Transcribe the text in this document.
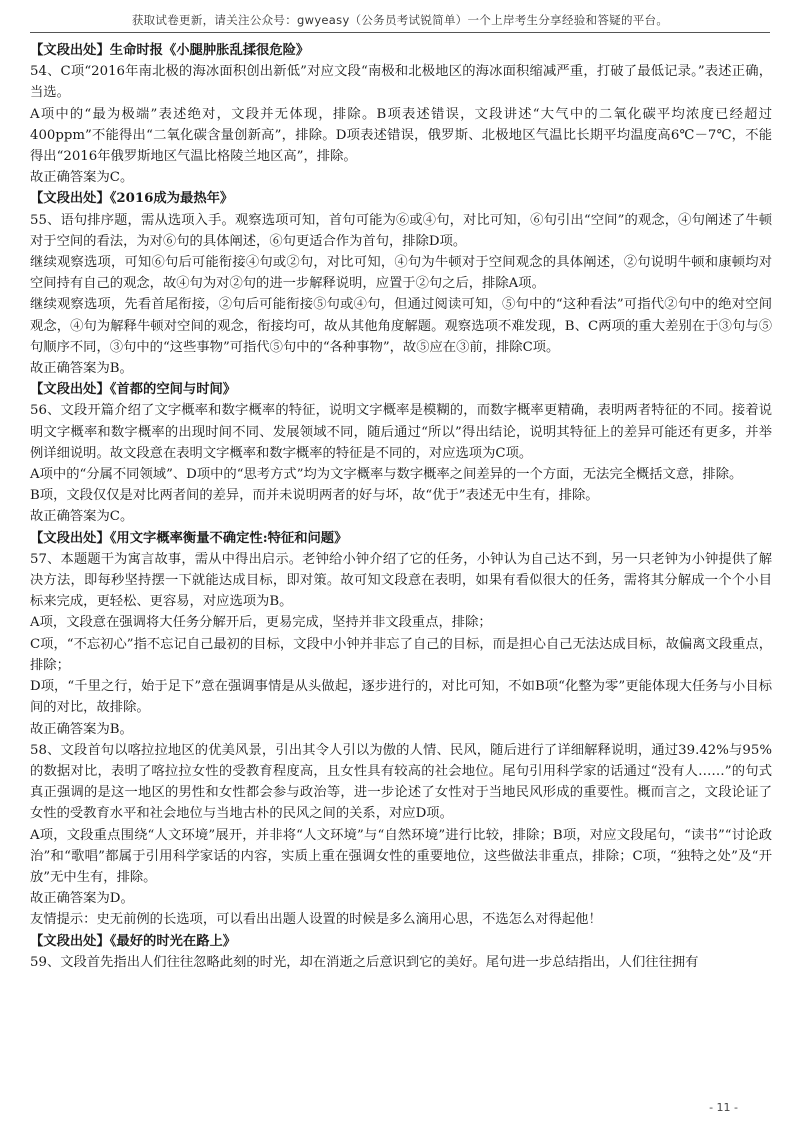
获取试卷更新，请关注公众号：gwyeasy（公务员考试锐简单）一个上岸考生分享经验和答疑的平台。

【文段出处】生命时报《小腿肿胀乱揉很危险》

54、C项“2016年南北极的海冰面积创出新低”对应文段“南极和北极地区的海冰面积缩减严重，打破了最低记录。”表述正确，当选。

A项中的“最为极端”表述绝对，文段并无体现，排除。B项表述错误，文段讲述“大气中的二氧化碳平均浓度已经超过400ppm”不能得出“二氧化碳含量创新高”，排除。D项表述错误，俄罗斯、北极地区气温比长期平均温度高6℃－7℃，不能得出“2016年俄罗斯地区气温比格陵兰地区高”，排除。

故正确答案为C。

【文段出处】《2016成为最热年》

55、语句排序题，需从选项入手。观察选项可知，首句可能为⑥或④句，对比可知，⑥句引出“空间”的观念，④句阐述了牛顿对于空间的看法，为对⑥句的具体阐述，⑥句更适合作为首句，排除D项。

继续观察选项，可知⑥句后可能衔接④句或②句，对比可知，④句为牛顿对于空间观念的具体阐述，②句说明牛顿和康顿均对空间持有自己的观念，故④句为对②句的进一步解释说明，应置于②句之后，排除A项。

继续观察选项，先看首尾衔接，②句后可能衔接⑤句或④句，但通过阅读可知，⑤句中的“这种看法”可指代②句中的绝对空间观念，④句为解释牛顿对空间的观念，衔接均可，故从其他角度解题。观察选项不难发现，B、C两项的重大差别在于③句与⑤句顺序不同，③句中的“这些事物”可指代⑤句中的“各种事物”，故⑤应在③前，排除C项。

故正确答案为B。

【文段出处】《首都的空间与时间》

56、文段开篇介绍了文字概率和数字概率的特征，说明文字概率是模糊的，而数字概率更精确，表明两者特征的不同。接着说明文字概率和数字概率的出现时间不同、发展领域不同，随后通过“所以”得出结论，说明其特征上的差异可能还有更多，并举例详细说明。故文段意在表明文字概率和数字概率的特征是不同的，对应选项为C项。

A项中的“分属不同领域”、D项中的“思考方式”均为文字概率与数字概率之间差异的一个方面，无法完全概括文意，排除。

B项，文段仅仅是对比两者间的差异，而并未说明两者的好与坏，故“优于”表述无中生有，排除。

故正确答案为C。

【文段出处】《用文字概率衡量不确定性:特征和问题》

57、本题题干为寓言故事，需从中得出启示。老钟给小钟介绍了它的任务，小钟认为自己达不到，另一只老钟为小钟提供了解决方法，即每秒坚持摆一下就能达成目标，即对策。故可知文段意在表明，如果有看似很大的任务，需将其分解成一个个小目标来完成，更轻松、更容易，对应选项为B。

A项，文段意在强调将大任务分解开后，更易完成，坚持并非文段重点，排除；

C项，“不忘初心”指不忘记自己最初的目标，文段中小钟并非忘了自己的目标，而是担心自己无法达成目标，故偏离文段重点，排除；

D项，“千里之行，始于足下”意在强调事情是从头做起，逐步进行的，对比可知，不如B项“化整为零”更能体现大任务与小目标间的对比，故排除。

故正确答案为B。

58、文段首句以喀拉拉地区的优美风景，引出其令人引以为傲的人情、民风，随后进行了详细解释说明，通过39.42%与95%的数据对比，表明了喀拉拉女性的受教育程度高，且女性具有较高的社会地位。尾句引用科学家的话通过“没有人……”的句式真正强调的是这一地区的男性和女性都会参与政治等，进一步论述了女性对于当地民风形成的重要性。概而言之，文段论证了女性的受教育水平和社会地位与当地古朴的民风之间的关系，对应D项。

A项，文段重点围绕“人文环境”展开，并非将“人文环境”与“自然环境”进行比较，排除；B项，对应文段尾句，“读书”“讨论政治”和“歌唱”都属于引用科学家话的内容，实质上重在强调女性的重要地位，这些做法非重点，排除；C项，“独特之处”及“开放”无中生有，排除。

故正确答案为D。

友情提示：史无前例的长选项，可以看出出题人设置的时候是多么滴用心思，不选怎么对得起他！

【文段出处】《最好的时光在路上》

59、文段首先指出人们往往忽略此刻的时光，却在消逝之后意识到它的美好。尾句进一步总结指出，人们往往拥有

- 11 -
